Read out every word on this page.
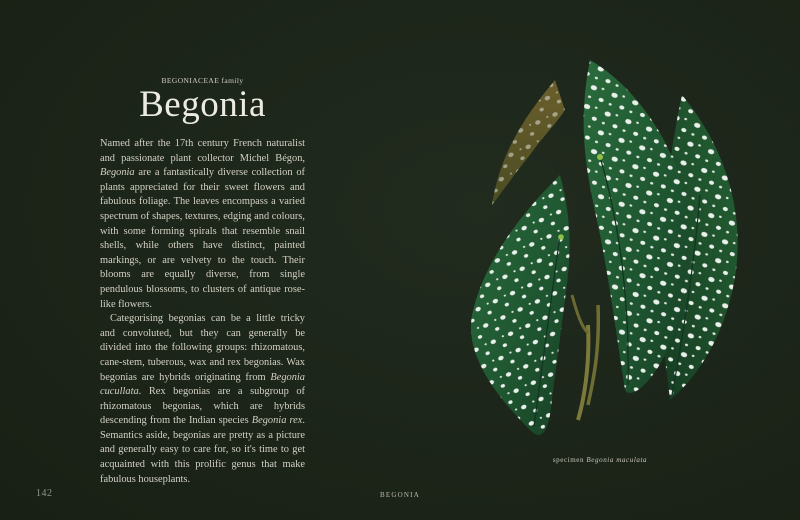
BEGONIACEAE family
Begonia

Named after the 17th century French naturalist and passionate plant collector Michel Bégon, Begonia are a fantastically diverse collection of plants appreciated for their sweet flowers and fabulous foliage. The leaves encompass a varied spectrum of shapes, textures, edging and colours, with some forming spirals that resemble snail shells, while others have distinct, painted markings, or are velvety to the touch. Their blooms are equally diverse, from single pendulous blossoms, to clusters of antique rose-like flowers.

Categorising begonias can be a little tricky and convoluted, but they can generally be divided into the following groups: rhizomatous, cane-stem, tuberous, wax and rex begonias. Wax begonias are hybrids originating from Begonia cucullata. Rex begonias are a subgroup of rhizomatous begonias, which are hybrids descending from the Indian species Begonia rex. Semantics aside, begonias are pretty as a picture and generally easy to care for, so it's time to get acquainted with this prolific genus that make fabulous houseplants.

specimen Begonia maculata
142	BEGONIA
